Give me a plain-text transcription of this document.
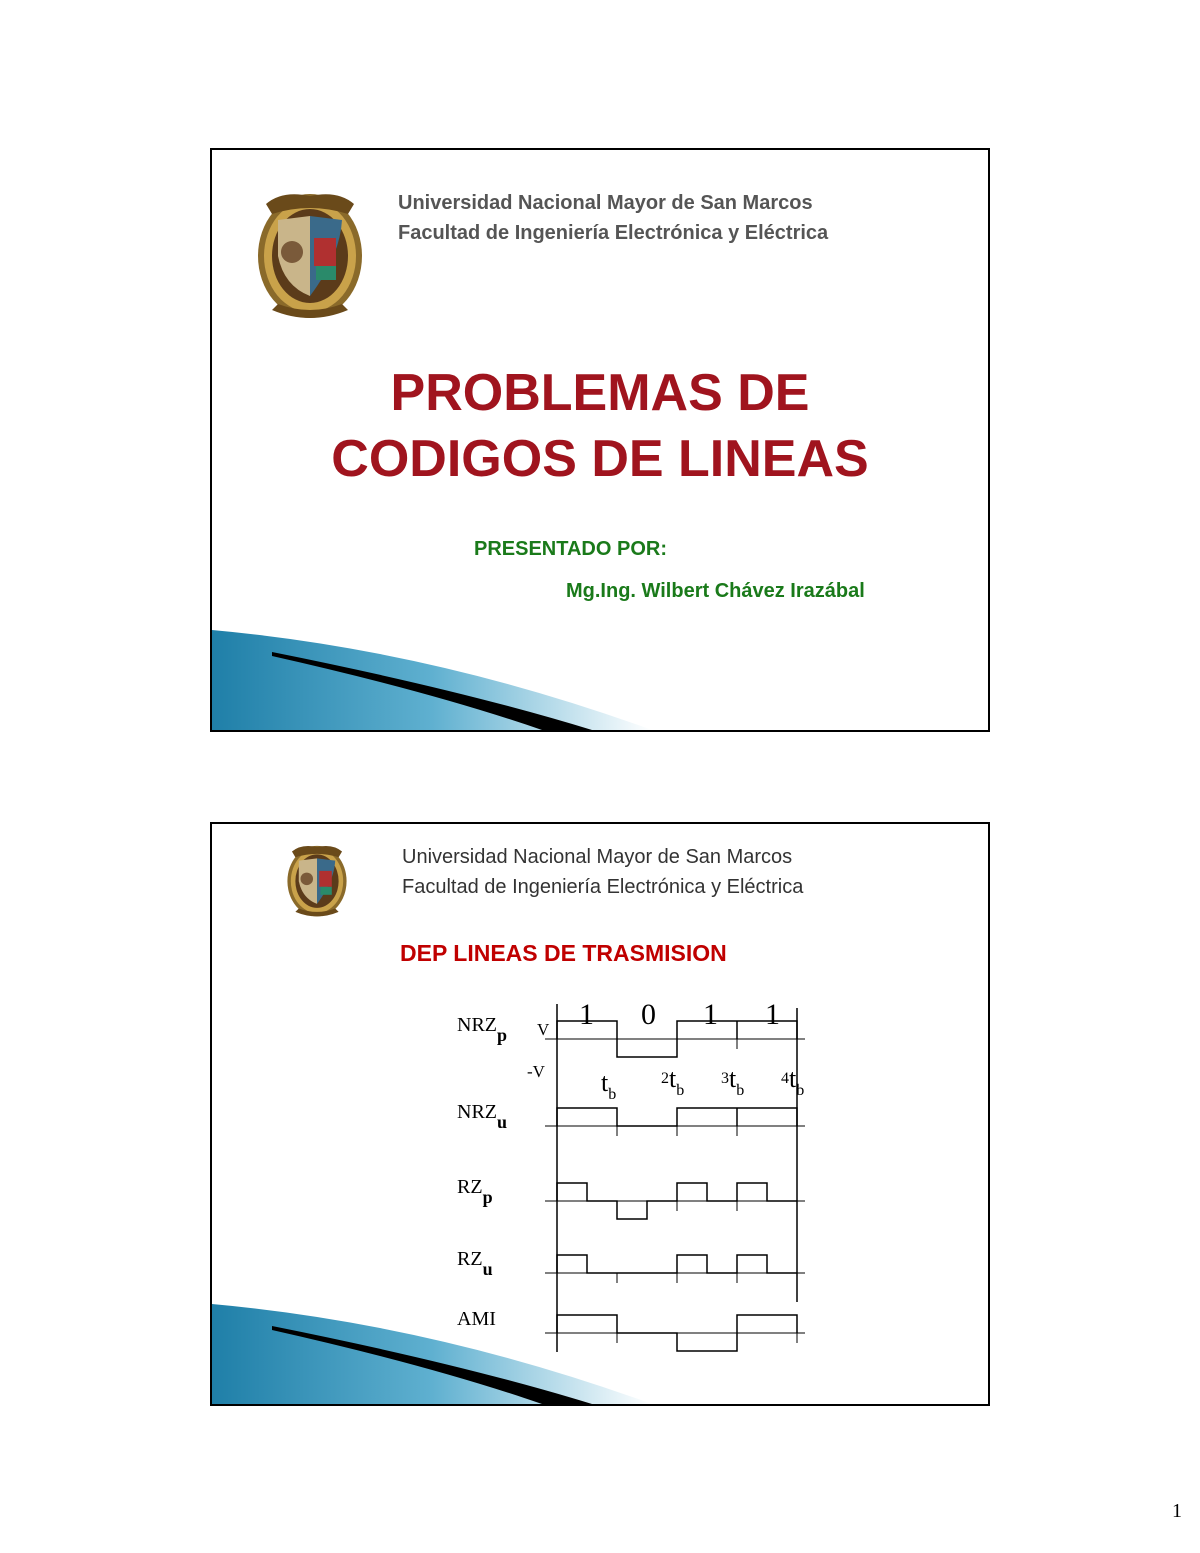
Universidad Nacional Mayor de San Marcos
Facultad de Ingeniería Electrónica y Eléctrica
PROBLEMAS DE
CODIGOS DE LINEAS
PRESENTADO POR:
Mg.Ing. Wilbert Chávez Irazábal
Universidad Nacional Mayor de San Marcos
Facultad de Ingeniería Electrónica y Eléctrica
DEP LINEAS DE TRASMISION
1 0 1 1
V
-V $t_b$
$2t_b$
$3t_b$
$4t_b$
NRZp
NRZu
RZp
RZu
AMI
1
